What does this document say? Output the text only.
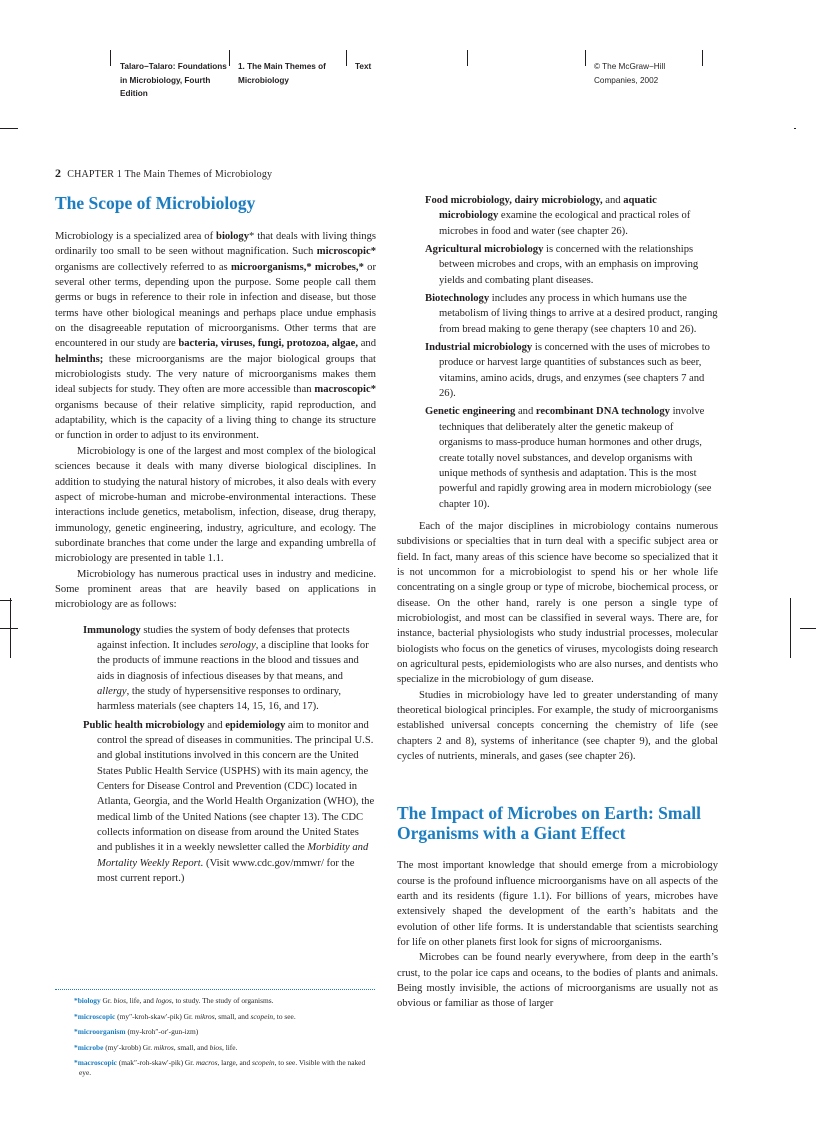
Talaro−Talaro: Foundations
in Microbiology, Fourth
Edition
1. The Main Themes of
Microbiology
Text	© The McGraw−Hill
Companies, 2002
2 CHAPTER 1 The Main Themes of Microbiology
The Scope of Microbiology

Microbiology is a specialized area of biology* that deals with living things ordinarily too small to be seen without magnification. Such microscopic* organisms are collectively referred to as microorganisms,* microbes,* or several other terms, depending upon the purpose. Some people call them germs or bugs in reference to their role in infection and disease, but those terms have other biological meanings and perhaps place undue emphasis on the disagreeable reputation of microorganisms. Other terms that are encountered in our study are bacteria, viruses, fungi, protozoa, algae, and helminths; these microorganisms are the major biological groups that microbiologists study. The very nature of microorganisms makes them ideal subjects for study. They often are more accessible than macroscopic* organisms because of their relative simplicity, rapid reproduction, and adaptability, which is the capacity of a living thing to change its structure or function in order to adjust to its environment.

Microbiology is one of the largest and most complex of the biological sciences because it deals with many diverse biological disciplines. In addition to studying the natural history of microbes, it also deals with every aspect of microbe-human and microbe-environmental interactions. These interactions include genetics, metabolism, infection, disease, drug therapy, immunology, genetic engineering, industry, agriculture, and ecology. The subordinate branches that come under the large and expanding umbrella of microbiology are presented in table 1.1.

Microbiology has numerous practical uses in industry and medicine. Some prominent areas that are heavily based on applications in microbiology are as follows:

Immunology studies the system of body defenses that protects against infection. It includes serology, a discipline that looks for the products of immune reactions in the blood and tissues and aids in diagnosis of infectious diseases by that means, and allergy, the study of hypersensitive responses to ordinary, harmless materials (see chapters 14, 15, 16, and 17).

Public health microbiology and epidemiology aim to monitor and control the spread of diseases in communities. The principal U.S. and global institutions involved in this concern are the United States Public Health Service (USPHS) with its main agency, the Centers for Disease Control and Prevention (CDC) located in Atlanta, Georgia, and the World Health Organization (WHO), the medical limb of the United Nations (see chapter 13). The CDC collects information on disease from around the United States and publishes it in a weekly newsletter called the Morbidity and Mortality Weekly Report. (Visit www.cdc.gov/mmwr/ for the most current report.)

*biology Gr. bios, life, and logos, to study. The study of organisms.

*microscopic (my″-kroh-skaw′-pik) Gr. mikros, small, and scopein, to see.

*microorganism (my-kroh″-or′-gun-izm)

*microbe (my′-krobb) Gr. mikros, small, and bios, life.

*macroscopic (mak″-roh-skaw′-pik) Gr. macros, large, and scopein, to see. Visible with the naked eye.

Food microbiology, dairy microbiology, and aquatic microbiology examine the ecological and practical roles of microbes in food and water (see chapter 26).

Agricultural microbiology is concerned with the relationships between microbes and crops, with an emphasis on improving yields and combating plant diseases.

Biotechnology includes any process in which humans use the metabolism of living things to arrive at a desired product, ranging from bread making to gene therapy (see chapters 10 and 26).

Industrial microbiology is concerned with the uses of microbes to produce or harvest large quantities of substances such as beer, vitamins, amino acids, drugs, and enzymes (see chapters 7 and 26).

Genetic engineering and recombinant DNA technology involve techniques that deliberately alter the genetic makeup of organisms to mass-produce human hormones and other drugs, create totally novel substances, and develop organisms with unique methods of synthesis and adaptation. This is the most powerful and rapidly growing area in modern microbiology (see chapter 10).

Each of the major disciplines in microbiology contains numerous subdivisions or specialties that in turn deal with a specific subject area or field. In fact, many areas of this science have become so specialized that it is not uncommon for a microbiologist to spend his or her whole life concentrating on a single group or type of microbe, biochemical process, or disease. On the other hand, rarely is one person a single type of microbiologist, and most can be classified in several ways. There are, for instance, bacterial physiologists who study industrial processes, molecular biologists who focus on the genetics of viruses, mycologists doing research on agricultural pests, epidemiologists who are also nurses, and dentists who specialize in the microbiology of gum disease.

Studies in microbiology have led to greater understanding of many theoretical biological principles. For example, the study of microorganisms established universal concepts concerning the chemistry of life (see chapters 2 and 8), systems of inheritance (see chapter 9), and the global cycles of nutrients, minerals, and gases (see chapter 26).

The Impact of Microbes on Earth: Small Organisms with a Giant Effect

The most important knowledge that should emerge from a microbiology course is the profound influence microorganisms have on all aspects of the earth and its residents (figure 1.1). For billions of years, microbes have extensively shaped the development of the earth’s habitats and the evolution of other life forms. It is understandable that scientists searching for life on other planets first look for signs of microorganisms.

Microbes can be found nearly everywhere, from deep in the earth’s crust, to the polar ice caps and oceans, to the bodies of plants and animals. Being mostly invisible, the actions of microorganisms are usually not as obvious or familiar as those of larger
